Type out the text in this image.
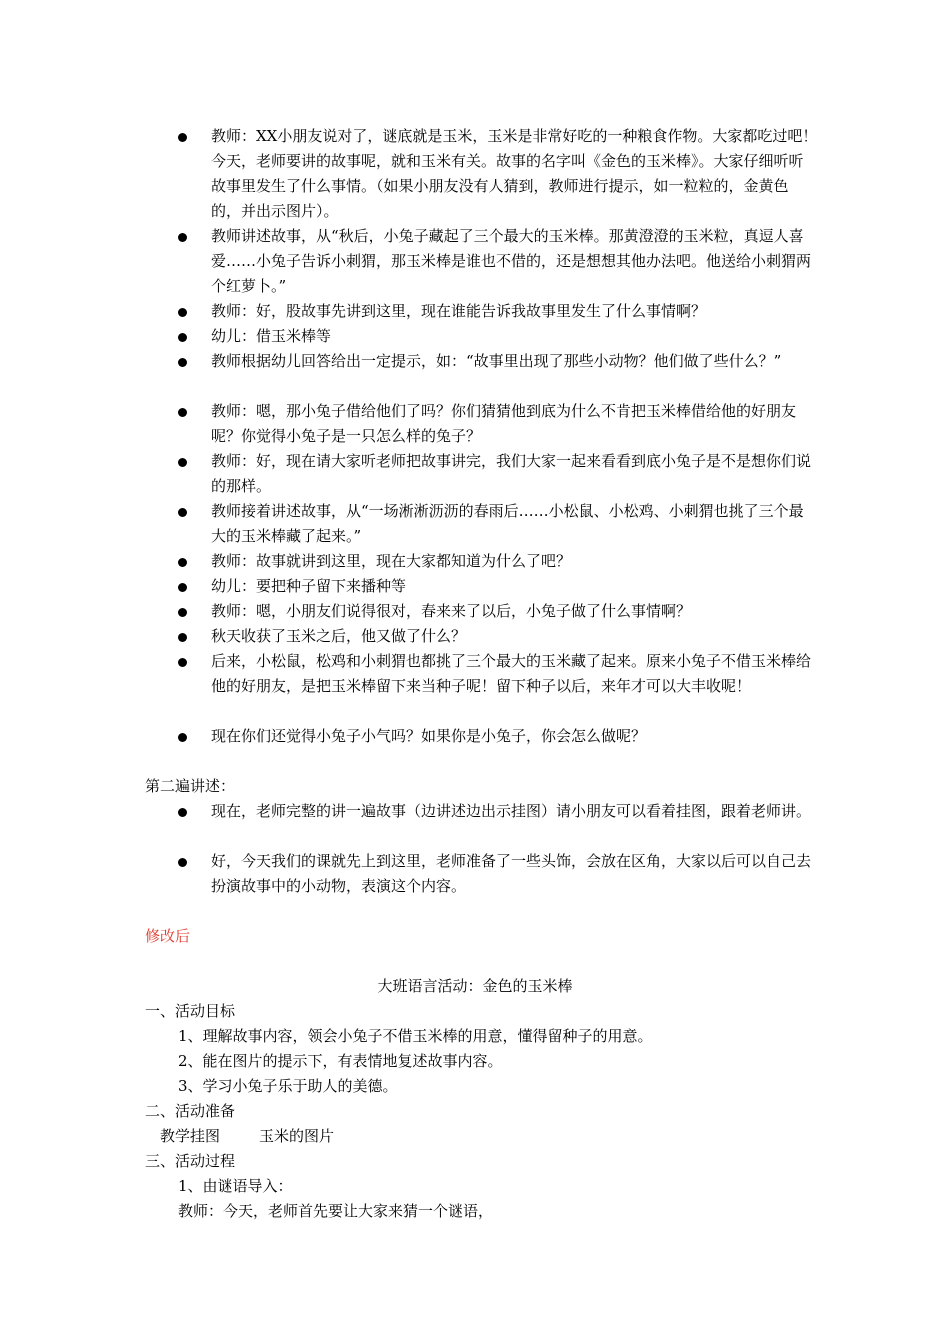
教师：XX小朋友说对了，谜底就是玉米，玉米是非常好吃的一种粮食作物。大家都吃过吧！今天，老师要讲的故事呢，就和玉米有关。故事的名字叫《金色的玉米棒》。大家仔细听听故事里发生了什么事情。（如果小朋友没有人猜到，教师进行提示，如一粒粒的，金黄色的，并出示图片）。
教师讲述故事，从“秋后，小兔子藏起了三个最大的玉米棒。那黄澄澄的玉米粒，真逗人喜爱……小兔子告诉小刺猬，那玉米棒是谁也不借的，还是想想其他办法吧。他送给小刺猬两个红萝卜。”
教师：好，股故事先讲到这里，现在谁能告诉我故事里发生了什么事情啊？
幼儿：借玉米棒等
教师根据幼儿回答给出一定提示，如：“故事里出现了那些小动物？他们做了些什么？”
教师：嗯，那小兔子借给他们了吗？你们猜猜他到底为什么不肯把玉米棒借给他的好朋友呢？你觉得小兔子是一只怎么样的兔子？
教师：好，现在请大家听老师把故事讲完，我们大家一起来看看到底小兔子是不是想你们说的那样。
教师接着讲述故事，从“一场淅淅沥沥的春雨后……小松鼠、小松鸡、小刺猬也挑了三个最大的玉米棒藏了起来。”
教师：故事就讲到这里，现在大家都知道为什么了吧？
幼儿：要把种子留下来播种等
教师：嗯，小朋友们说得很对，春来来了以后，小兔子做了什么事情啊？
秋天收获了玉米之后，他又做了什么？
后来，小松鼠，松鸡和小刺猬也都挑了三个最大的玉米藏了起来。原来小兔子不借玉米棒给他的好朋友，是把玉米棒留下来当种子呢！留下种子以后，来年才可以大丰收呢！
现在你们还觉得小兔子小气吗？如果你是小兔子，你会怎么做呢？
第二遍讲述：
现在，老师完整的讲一遍故事（边讲述边出示挂图）请小朋友可以看着挂图，跟着老师讲。
好，今天我们的课就先上到这里，老师准备了一些头饰，会放在区角，大家以后可以自己去扮演故事中的小动物，表演这个内容。
修改后
大班语言活动：金色的玉米棒
一、活动目标
1、理解故事内容，领会小兔子不借玉米棒的用意，懂得留种子的用意。
2、能在图片的提示下，有表情地复述故事内容。
3、学习小兔子乐于助人的美德。
二、活动准备
教学挂图	玉米的图片
三、活动过程
1、由谜语导入：
教师：今天，老师首先要让大家来猜一个谜语，
